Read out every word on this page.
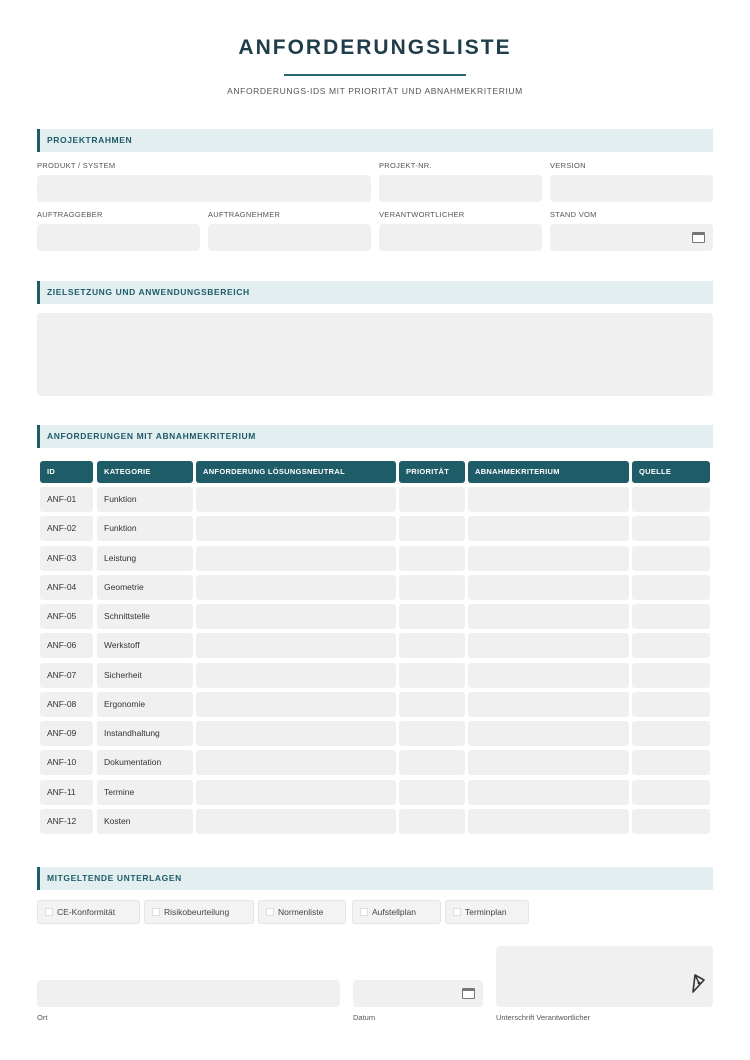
ANFORDERUNGSLISTE
ANFORDERUNGS-IDS MIT PRIORITÄT UND ABNAHMEKRITERIUM
PROJEKTRAHMEN
PRODUKT / SYSTEM	PROJEKT-NR.	VERSION
AUFTRAGGEBER	AUFTRAGNEHMER	VERANTWORTLICHER	STAND VOM
ZIELSETZUNG UND ANWENDUNGSBEREICH
ANFORDERUNGEN MIT ABNAHMEKRITERIUM
ID	KATEGORIE	ANFORDERUNG LÖSUNGSNEUTRAL	PRIORITÄT	ABNAHMEKRITERIUM	QUELLE
ANF-01	Funktion
ANF-02	Funktion
ANF-03	Leistung
ANF-04	Geometrie
ANF-05	Schnittstelle
ANF-06	Werkstoff
ANF-07	Sicherheit
ANF-08	Ergonomie
ANF-09	Instandhaltung
ANF-10	Dokumentation
ANF-11	Termine
ANF-12	Kosten
MITGELTENDE UNTERLAGEN
CE-Konformität	Risikobeurteilung	Normenliste	Aufstellplan	Terminplan
Ort	Datum	Unterschrift Verantwortlicher
